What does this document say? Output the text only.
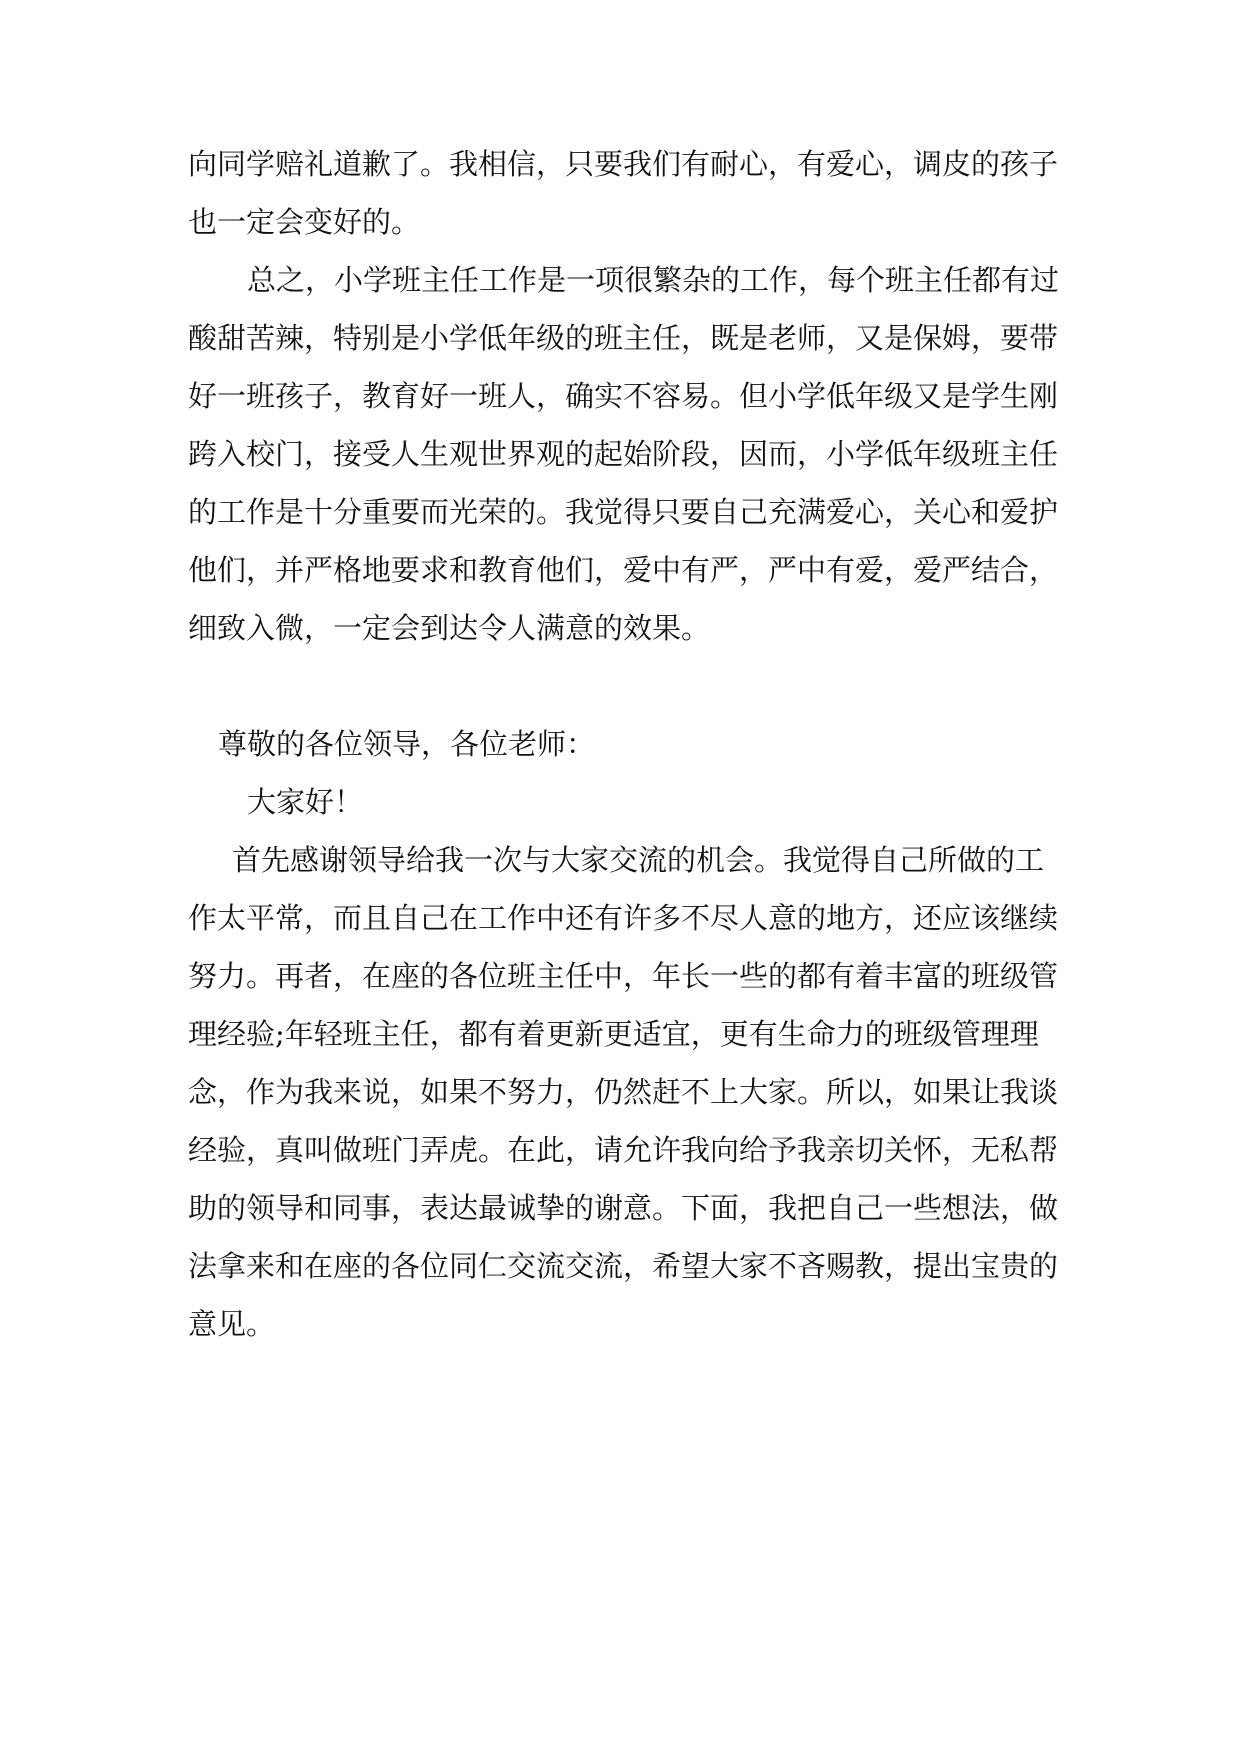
向同学赔礼道歉了。我相信，只要我们有耐心，有爱心，调皮的孩子

也一定会变好的。

总之，小学班主任工作是一项很繁杂的工作，每个班主任都有过

酸甜苦辣，特别是小学低年级的班主任，既是老师，又是保姆，要带

好一班孩子，教育好一班人，确实不容易。但小学低年级又是学生刚

跨入校门，接受人生观世界观的起始阶段，因而，小学低年级班主任

的工作是十分重要而光荣的。我觉得只要自己充满爱心，关心和爱护

他们，并严格地要求和教育他们，爱中有严，严中有爱，爱严结合，

细致入微，一定会到达令人满意的效果。

尊敬的各位领导，各位老师：

大家好！

首先感谢领导给我一次与大家交流的机会。我觉得自己所做的工

作太平常，而且自己在工作中还有许多不尽人意的地方，还应该继续

努力。再者，在座的各位班主任中，年长一些的都有着丰富的班级管

理经验;年轻班主任，都有着更新更适宜，更有生命力的班级管理理

念，作为我来说，如果不努力，仍然赶不上大家。所以，如果让我谈

经验，真叫做班门弄虎。在此，请允许我向给予我亲切关怀，无私帮

助的领导和同事，表达最诚挚的谢意。下面，我把自己一些想法，做

法拿来和在座的各位同仁交流交流，希望大家不吝赐教，提出宝贵的

意见。
